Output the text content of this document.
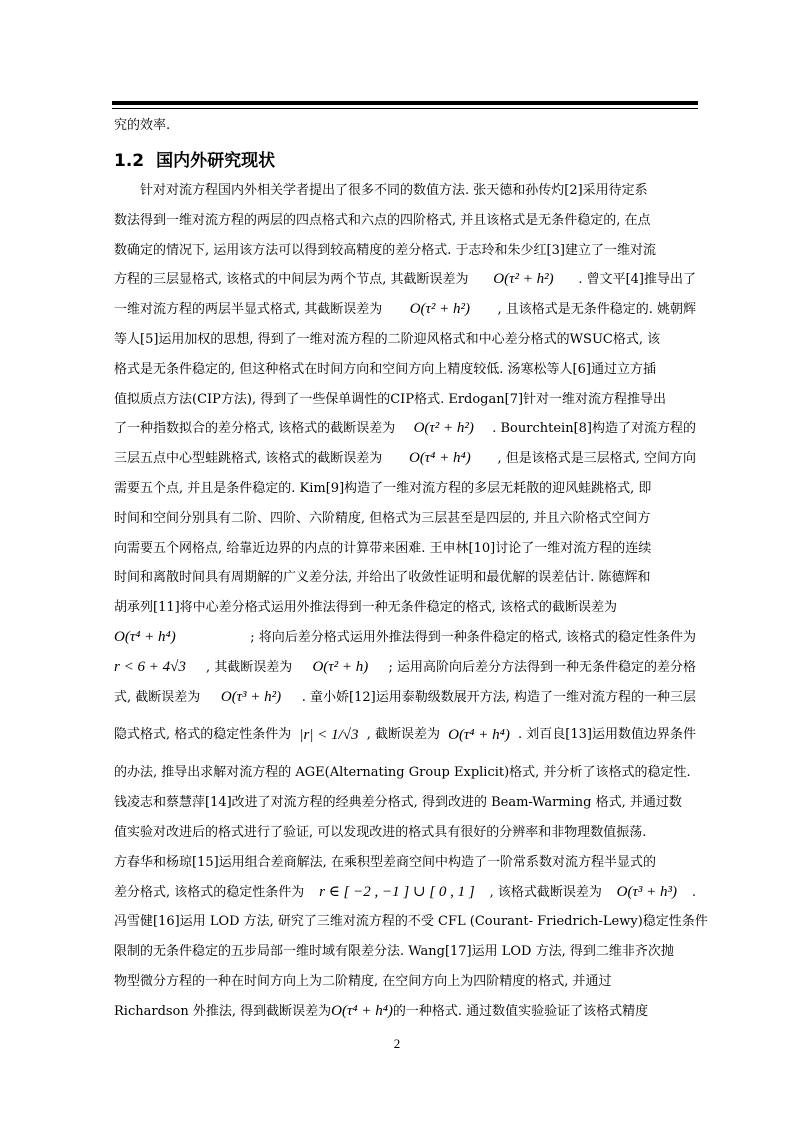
究的效率.
1.2 国内外研究现状
针对对流方程国内外相关学者提出了很多不同的数值方法. 张天德和孙传灼[2]采用待定系
数法得到一维对流方程的两层的四点格式和六点的四阶格式, 并且该格式是无条件稳定的, 在点
数确定的情况下, 运用该方法可以得到较高精度的差分格式. 于志玲和朱少红[3]建立了一维对流
方程的三层显格式, 该格式的中间层为两个节点, 其截断误差为 O(τ² + h²) . 曾文平[4]推导出了
一维对流方程的两层半显式格式, 其截断误差为 O(τ² + h²) , 且该格式是无条件稳定的. 姚朝辉
等人[5]运用加权的思想, 得到了一维对流方程的二阶迎风格式和中心差分格式的WSUC格式, 该
格式是无条件稳定的, 但这种格式在时间方向和空间方向上精度较低. 汤寒松等人[6]通过立方插
值拟质点方法(CIP方法), 得到了一些保单调性的CIP格式. Erdogan[7]针对一维对流方程推导出
了一种指数拟合的差分格式, 该格式的截断误差为 O(τ² + h²) . Bourchtein[8]构造了对流方程的
三层五点中心型蛙跳格式, 该格式的截断误差为 O(τ⁴ + h⁴) , 但是该格式是三层格式, 空间方向
需要五个点, 并且是条件稳定的. Kim[9]构造了一维对流方程的多层无耗散的迎风蛙跳格式, 即
时间和空间分别具有二阶、四阶、六阶精度, 但格式为三层甚至是四层的, 并且六阶格式空间方
向需要五个网格点, 给靠近边界的内点的计算带来困难. 王申林[10]讨论了一维对流方程的连续
时间和离散时间具有周期解的广义差分法, 并给出了收敛性证明和最优解的误差估计. 陈德辉和
胡承列[11]将中心差分格式运用外推法得到一种无条件稳定的格式, 该格式的截断误差为
O(τ⁴ + h⁴)	; 将向后差分格式运用外推法得到一种条件稳定的格式, 该格式的稳定性条件为
r < 6 + 4√3 , 其截断误差为 O(τ² + h) ; 运用高阶向后差分方法得到一种无条件稳定的差分格
式, 截断误差为 O(τ³ + h²) . 童小娇[12]运用泰勒级数展开方法, 构造了一维对流方程的一种三层
隐式格式, 格式的稳定性条件为 |r| < 1/√3 , 截断误差为 O(τ⁴ + h⁴) . 刘百良[13]运用数值边界条件
的办法, 推导出求解对流方程的 AGE(Alternating Group Explicit)格式, 并分析了该格式的稳定性.
钱凌志和蔡慧萍[14]改进了对流方程的经典差分格式, 得到改进的 Beam-Warming 格式, 并通过数
值实验对改进后的格式进行了验证, 可以发现改进的格式具有很好的分辨率和非物理数值振荡.
方春华和杨琼[15]运用组合差商解法, 在乘积型差商空间中构造了一阶常系数对流方程半显式的
差分格式, 该格式的稳定性条件为 r ∈ [ −2 , −1 ] ∪ [ 0 , 1 ] , 该格式截断误差为 O(τ³ + h³) .
冯雪健[16]运用 LOD 方法, 研究了三维对流方程的不受 CFL (Courant- Friedrich-Lewy)稳定性条件
限制的无条件稳定的五步局部一维时域有限差分法. Wang[17]运用 LOD 方法, 得到二维非齐次抛
物型微分方程的一种在时间方向上为二阶精度, 在空间方向上为四阶精度的格式, 并通过
Richardson 外推法, 得到截断误差为 O(τ⁴ + h⁴) 的一种格式. 通过数值实验验证了该格式精度
2
